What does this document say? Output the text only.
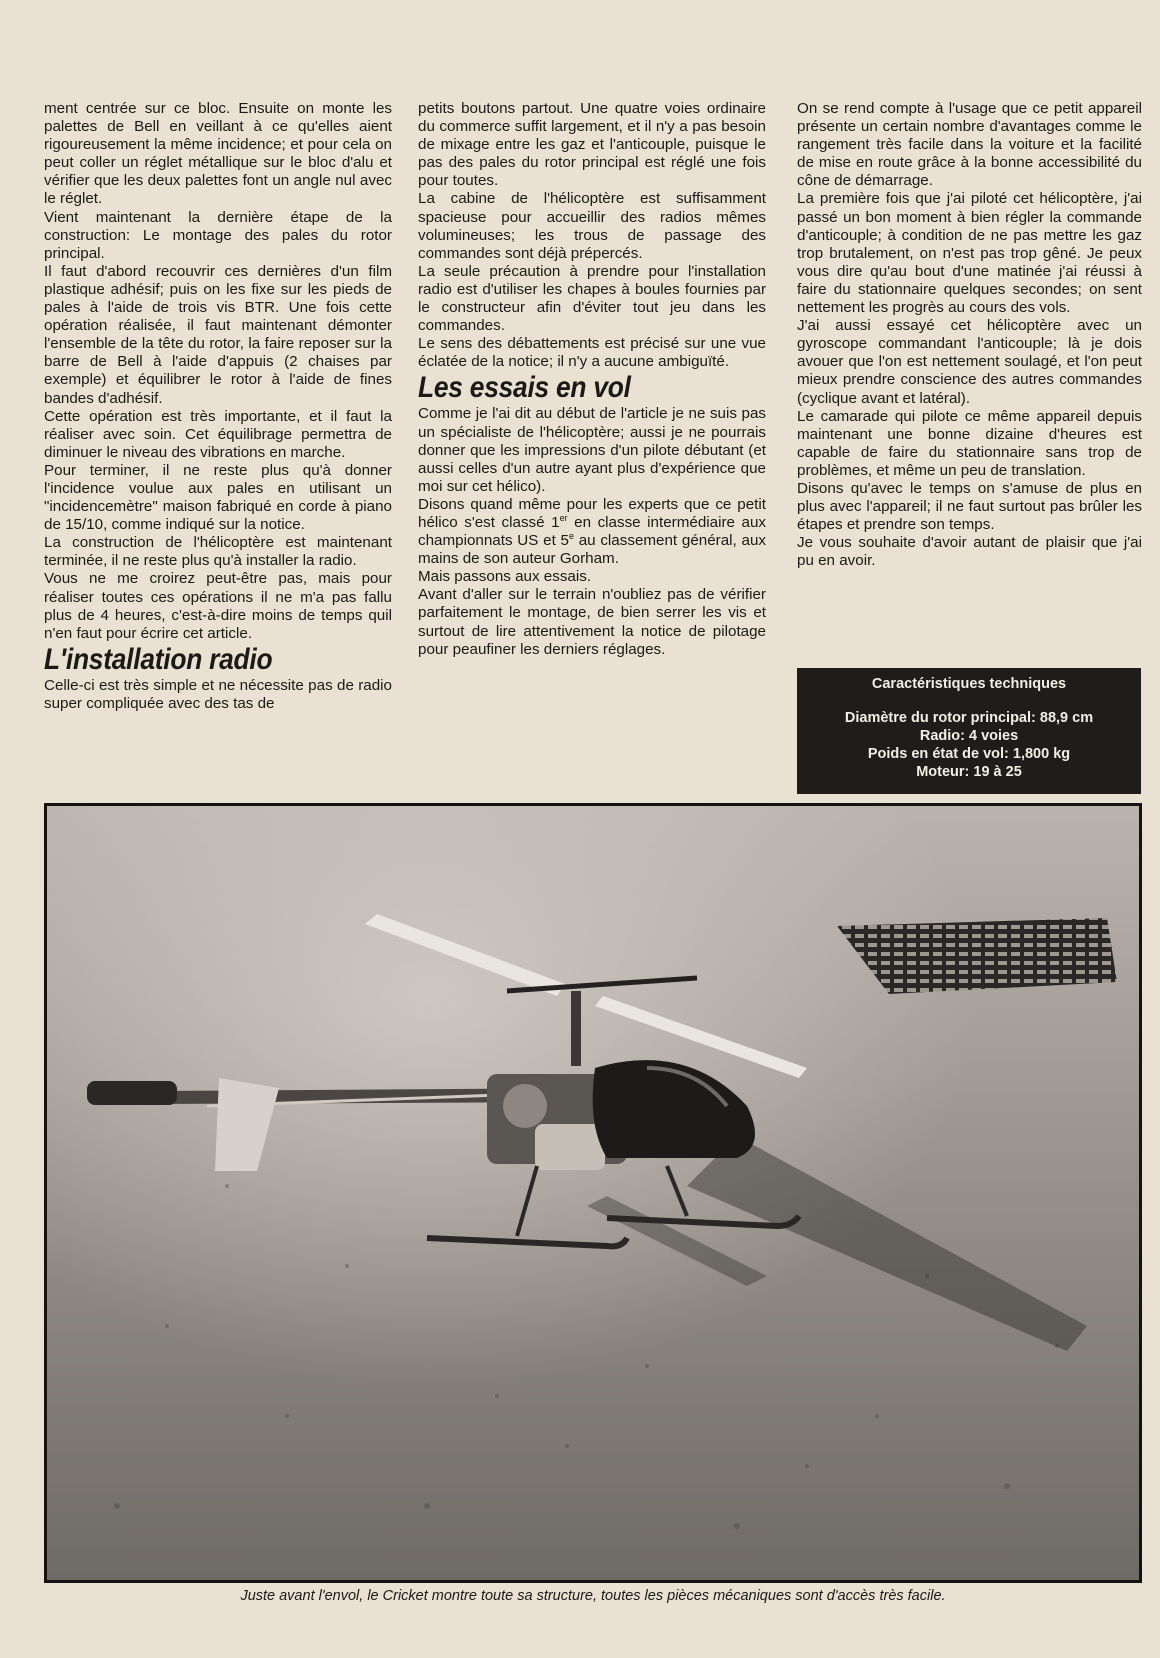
ment centrée sur ce bloc. Ensuite on monte les palettes de Bell en veillant à ce qu'elles aient rigoureusement la même incidence; et pour cela on peut coller un réglet métallique sur le bloc d'alu et vérifier que les deux palettes font un angle nul avec le réglet.

Vient maintenant la dernière étape de la construction: Le montage des pales du rotor principal.

Il faut d'abord recouvrir ces dernières d'un film plastique adhésif; puis on les fixe sur les pieds de pales à l'aide de trois vis BTR. Une fois cette opération réalisée, il faut maintenant démonter l'ensemble de la tête du rotor, la faire reposer sur la barre de Bell à l'aide d'appuis (2 chaises par exemple) et équilibrer le rotor à l'aide de fines bandes d'adhésif.

Cette opération est très importante, et il faut la réaliser avec soin. Cet équilibrage permettra de diminuer le niveau des vibrations en marche.

Pour terminer, il ne reste plus qu'à donner l'incidence voulue aux pales en utilisant un "incidencemètre" maison fabriqué en corde à piano de 15/10, comme indiqué sur la notice.

La construction de l'hélicoptère est maintenant terminée, il ne reste plus qu'à installer la radio.

Vous ne me croirez peut-être pas, mais pour réaliser toutes ces opérations il ne m'a pas fallu plus de 4 heures, c'est-à-dire moins de temps quil n'en faut pour écrire cet article.

L'installation radio

Celle-ci est très simple et ne nécessite pas de radio super compliquée avec des tas de

petits boutons partout. Une quatre voies ordinaire du commerce suffit largement, et il n'y a pas besoin de mixage entre les gaz et l'anticouple, puisque le pas des pales du rotor principal est réglé une fois pour toutes.

La cabine de l'hélicoptère est suffisamment spacieuse pour accueillir des radios mêmes volumineuses; les trous de passage des commandes sont déjà prépercés.

La seule précaution à prendre pour l'installation radio est d'utiliser les chapes à boules fournies par le constructeur afin d'éviter tout jeu dans les commandes.

Le sens des débattements est précisé sur une vue éclatée de la notice; il n'y a aucune ambiguïté.

Les essais en vol

Comme je l'ai dit au début de l'article je ne suis pas un spécialiste de l'hélicoptère; aussi je ne pourrais donner que les impressions d'un pilote débutant (et aussi celles d'un autre ayant plus d'expérience que moi sur cet hélico).

Disons quand même pour les experts que ce petit hélico s'est classé 1er en classe intermédiaire aux championnats US et 5e au classement général, aux mains de son auteur Gorham.

Mais passons aux essais.

Avant d'aller sur le terrain n'oubliez pas de vérifier parfaitement le montage, de bien serrer les vis et surtout de lire attentivement la notice de pilotage pour peaufiner les derniers réglages.

On se rend compte à l'usage que ce petit appareil présente un certain nombre d'avantages comme le rangement très facile dans la voiture et la facilité de mise en route grâce à la bonne accessibilité du cône de démarrage.

La première fois que j'ai piloté cet hélicoptère, j'ai passé un bon moment à bien régler la commande d'anticouple; à condition de ne pas mettre les gaz trop brutalement, on n'est pas trop gêné. Je peux vous dire qu'au bout d'une matinée j'ai réussi à faire du stationnaire quelques secondes; on sent nettement les progrès au cours des vols.

J'ai aussi essayé cet hélicoptère avec un gyroscope commandant l'anticouple; là je dois avouer que l'on est nettement soulagé, et l'on peut mieux prendre conscience des autres commandes (cyclique avant et latéral).

Le camarade qui pilote ce même appareil depuis maintenant une bonne dizaine d'heures est capable de faire du stationnaire sans trop de problèmes, et même un peu de translation.

Disons qu'avec le temps on s'amuse de plus en plus avec l'appareil; il ne faut surtout pas brûler les étapes et prendre son temps.

Je vous souhaite d'avoir autant de plaisir que j'ai pu en avoir.

Caractéristiques techniques
Diamètre du rotor principal: 88,9 cm
Radio: 4 voies
Poids en état de vol: 1,800 kg
Moteur: 19 à 25
Juste avant l'envol, le Cricket montre toute sa structure, toutes les pièces mécaniques sont d'accès très facile.
